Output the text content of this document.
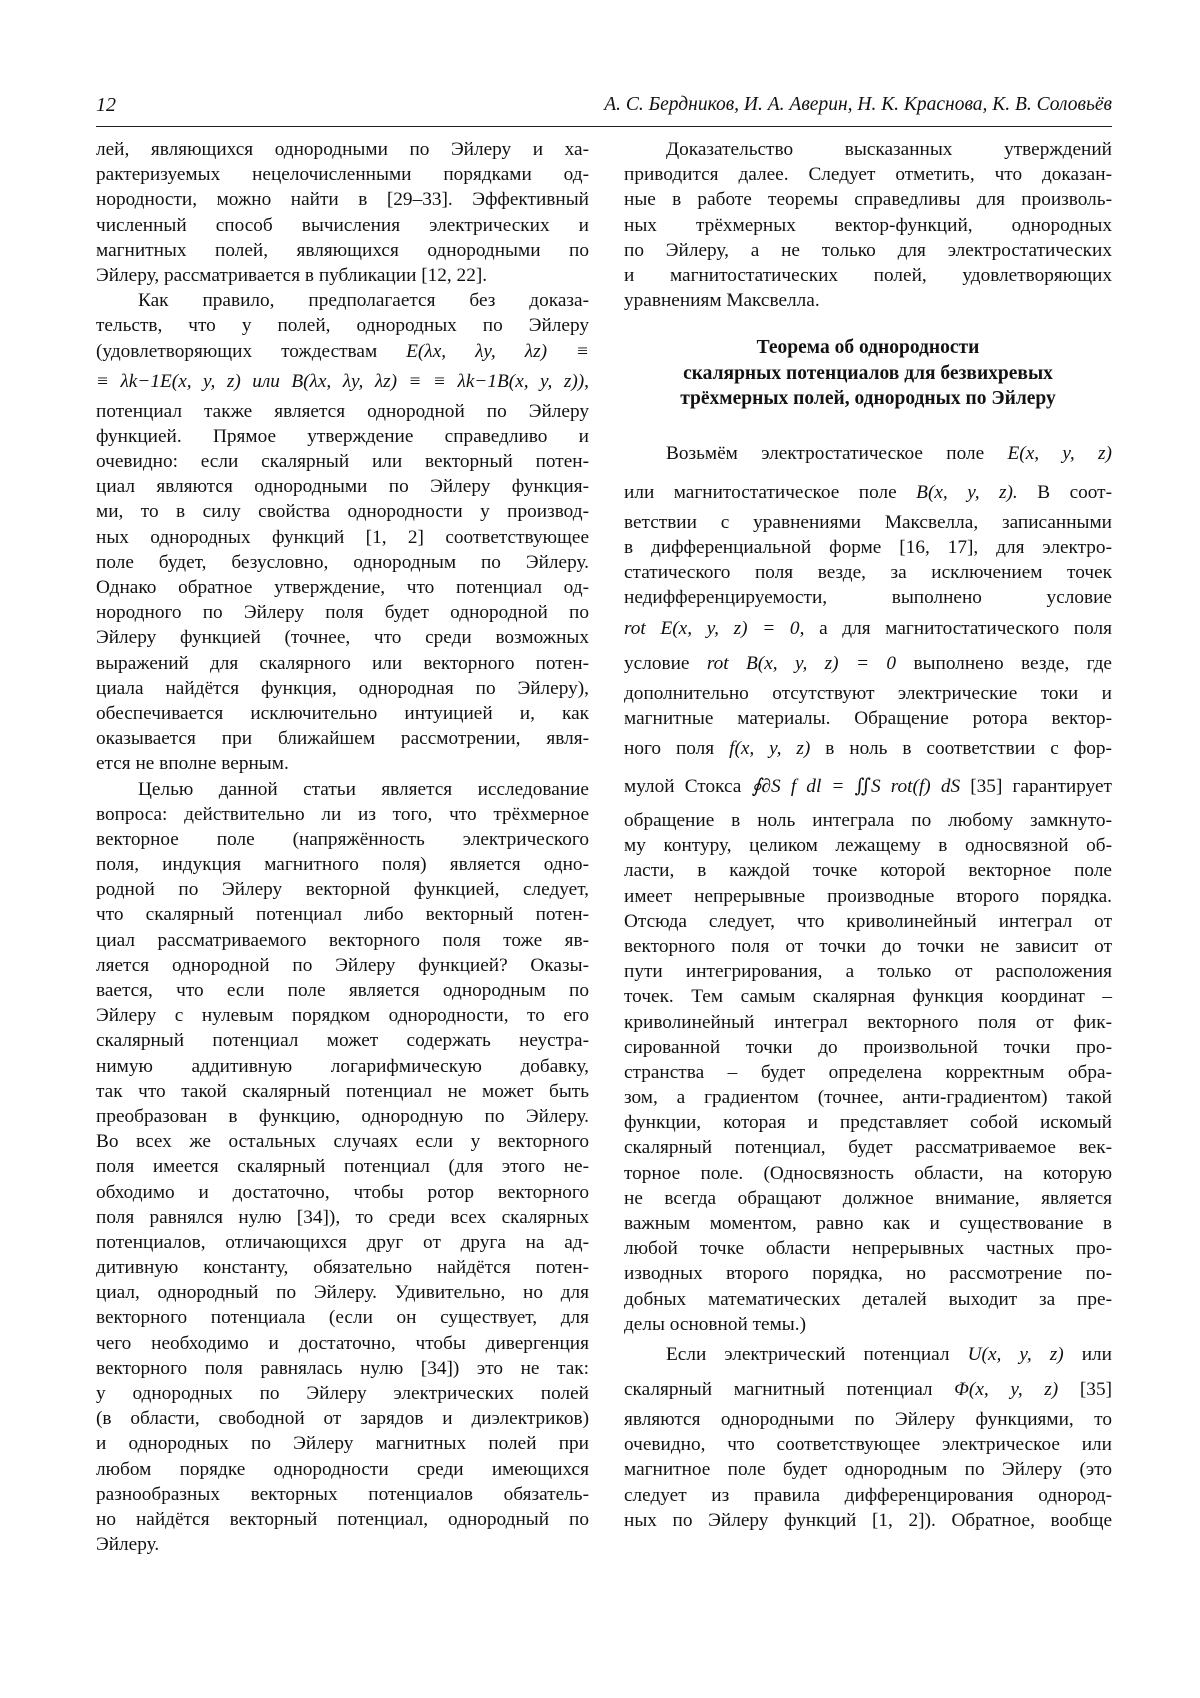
12	А. С. Бердников, И. А. Аверин, Н. К. Краснова, К. В. Соловьёв
лей, являющихся однородными по Эйлеру и ха-
рактеризуемых нецелочисленными порядками од-
нородности, можно найти в [29–33]. Эффективный
численный способ вычисления электрических и
магнитных полей, являющихся однородными по
Эйлеру, рассматривается в публикации [12, 22].
Как правило, предполагается без доказа-
тельств, что у полей, однородных по Эйлеру
(удовлетворяющих тождествам E(λx, λy, λz) ≡
≡ λk−1E(x, y, z) или B(λx, λy, λz) ≡ ≡ λk−1B(x, y, z)),
потенциал также является однородной по Эйлеру
функцией. Прямое утверждение справедливо и
очевидно: если скалярный или векторный потен-
циал являются однородными по Эйлеру функция-
ми, то в силу свойства однородности у производ-
ных однородных функций [1, 2] соответствующее
поле будет, безусловно, однородным по Эйлеру.
Однако обратное утверждение, что потенциал од-
нородного по Эйлеру поля будет однородной по
Эйлеру функцией (точнее, что среди возможных
выражений для скалярного или векторного потен-
циала найдётся функция, однородная по Эйлеру),
обеспечивается исключительно интуицией и, как
оказывается при ближайшем рассмотрении, явля-
ется не вполне верным.
Целью данной статьи является исследование
вопроса: действительно ли из того, что трёхмерное
векторное поле (напряжённость электрического
поля, индукция магнитного поля) является одно-
родной по Эйлеру векторной функцией, следует,
что скалярный потенциал либо векторный потен-
циал рассматриваемого векторного поля тоже яв-
ляется однородной по Эйлеру функцией? Оказы-
вается, что если поле является однородным по
Эйлеру с нулевым порядком однородности, то его
скалярный потенциал может содержать неустра-
нимую аддитивную логарифмическую добавку,
так что такой скалярный потенциал не может быть
преобразован в функцию, однородную по Эйлеру.
Во всех же остальных случаях если у векторного
поля имеется скалярный потенциал (для этого не-
обходимо и достаточно, чтобы ротор векторного
поля равнялся нулю [34]), то среди всех скалярных
потенциалов, отличающихся друг от друга на ад-
дитивную константу, обязательно найдётся потен-
циал, однородный по Эйлеру. Удивительно, но для
векторного потенциала (если он существует, для
чего необходимо и достаточно, чтобы дивергенция
векторного поля равнялась нулю [34]) это не так:
у однородных по Эйлеру электрических полей
(в области, свободной от зарядов и диэлектриков)
и однородных по Эйлеру магнитных полей при
любом порядке однородности среди имеющихся
разнообразных векторных потенциалов обязатель-
но найдётся векторный потенциал, однородный по
Эйлеру.
Доказательство высказанных утверждений
приводится далее. Следует отметить, что доказан-
ные в работе теоремы справедливы для произволь-
ных трёхмерных вектор-функций, однородных
по Эйлеру, а не только для электростатических
и магнитостатических полей, удовлетворяющих
уравнениям Максвелла.
Теорема об однородности
скалярных потенциалов для безвихревых
трёхмерных полей, однородных по Эйлеру
Возьмём электростатическое поле E(x, y, z)
или магнитостатическое поле B(x, y, z). В соот-
ветствии с уравнениями Максвелла, записанными
в дифференциальной форме [16, 17], для электро-
статического поля везде, за исключением точек
недифференцируемости, выполнено условие
rot E(x, y, z) = 0, а для магнитостатического поля
условие rot B(x, y, z) = 0 выполнено везде, где
дополнительно отсутствуют электрические токи и
магнитные материалы. Обращение ротора вектор-
ного поля f(x, y, z) в ноль в соответствии с фор-
мулой Стокса ∮∂S f dl = ∬S rot(f) dS [35] гарантирует
обращение в ноль интеграла по любому замкнуто-
му контуру, целиком лежащему в односвязной об-
ласти, в каждой точке которой векторное поле
имеет непрерывные производные второго порядка.
Отсюда следует, что криволинейный интеграл от
векторного поля от точки до точки не зависит от
пути интегрирования, а только от расположения
точек. Тем самым скалярная функция координат –
криволинейный интеграл векторного поля от фик-
сированной точки до произвольной точки про-
странства – будет определена корректным обра-
зом, а градиентом (точнее, анти-градиентом) такой
функции, которая и представляет собой искомый
скалярный потенциал, будет рассматриваемое век-
торное поле. (Односвязность области, на которую
не всегда обращают должное внимание, является
важным моментом, равно как и существование в
любой точке области непрерывных частных про-
изводных второго порядка, но рассмотрение по-
добных математических деталей выходит за пре-
делы основной темы.)
Если электрический потенциал U(x, y, z) или
скалярный магнитный потенциал Φ(x, y, z) [35]
являются однородными по Эйлеру функциями, то
очевидно, что соответствующее электрическое или
магнитное поле будет однородным по Эйлеру (это
следует из правила дифференцирования однород-
ных по Эйлеру функций [1, 2]). Обратное, вообще
